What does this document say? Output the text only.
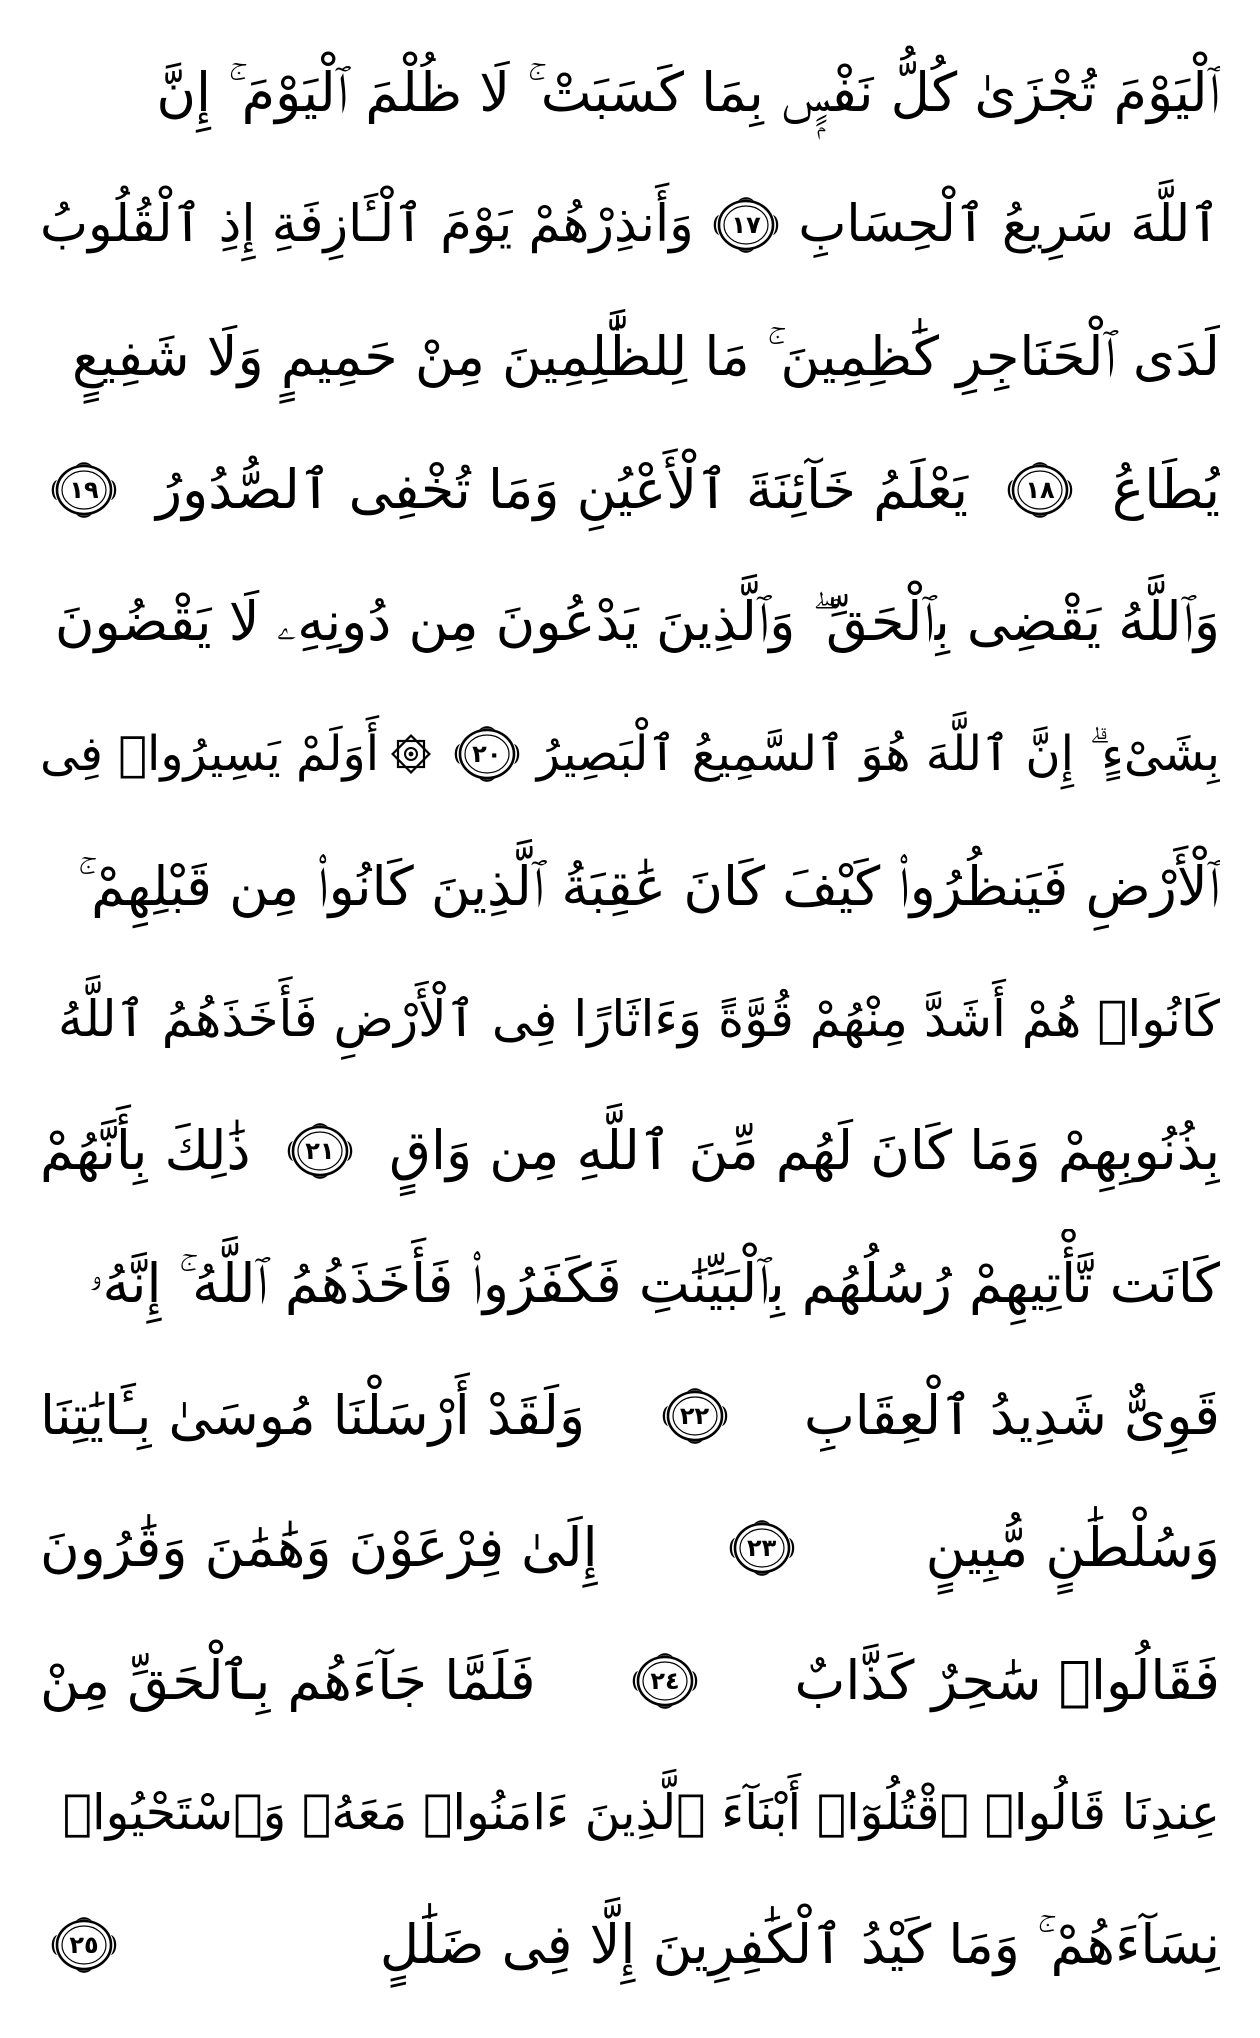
ٱلْيَوْمَ تُجْزَىٰ كُلُّ نَفْسٍۭ بِمَا كَسَبَتْ ۚ لَا ظُلْمَ ٱلْيَوْمَ ۚ إِنَّ
ٱللَّهَ سَرِيعُ ٱلْحِسَابِ
١٧
وَأَنذِرْهُمْ يَوْمَ ٱلْـَٔازِفَةِ إِذِ ٱلْقُلُوبُ
لَدَى ٱلْحَنَاجِرِ كَٰظِمِينَ ۚ مَا لِلظَّٰلِمِينَ مِنْ حَمِيمٍ وَلَا شَفِيعٍ
يُطَاعُ
١٨
يَعْلَمُ خَآئِنَةَ ٱلْأَعْيُنِ وَمَا تُخْفِى ٱلصُّدُورُ
١٩
وَٱللَّهُ يَقْضِى بِٱلْحَقِّ ۖ وَٱلَّذِينَ يَدْعُونَ مِن دُونِهِۦ لَا يَقْضُونَ
بِشَىْءٍ ۗ إِنَّ ٱللَّهَ هُوَ ٱلسَّمِيعُ ٱلْبَصِيرُ
٢٠
أَوَلَمْ يَسِيرُوا۟ فِى
ٱلْأَرْضِ فَيَنظُرُوا۟ كَيْفَ كَانَ عَٰقِبَةُ ٱلَّذِينَ كَانُوا۟ مِن قَبْلِهِمْ ۚ
كَانُوا۟ هُمْ أَشَدَّ مِنْهُمْ قُوَّةً وَءَاثَارًا فِى ٱلْأَرْضِ فَأَخَذَهُمُ ٱللَّهُ
بِذُنُوبِهِمْ وَمَا كَانَ لَهُم مِّنَ ٱللَّهِ مِن وَاقٍ
٢١
ذَٰلِكَ بِأَنَّهُمْ
كَانَت تَّأْتِيهِمْ رُسُلُهُم بِٱلْبَيِّنَٰتِ فَكَفَرُوا۟ فَأَخَذَهُمُ ٱللَّهُ ۚ إِنَّهُۥ
قَوِىٌّ شَدِيدُ ٱلْعِقَابِ
٢٢
وَلَقَدْ أَرْسَلْنَا مُوسَىٰ بِـَٔايَٰتِنَا
وَسُلْطَٰنٍ مُّبِينٍ
٢٣
إِلَىٰ فِرْعَوْنَ وَهَٰمَٰنَ وَقَٰرُونَ
فَقَالُوا۟ سَٰحِرٌ كَذَّابٌ
٢٤
فَلَمَّا جَآءَهُم بِٱلْحَقِّ مِنْ
عِندِنَا قَالُوا۟ ٱقْتُلُوٓا۟ أَبْنَآءَ ٱلَّذِينَ ءَامَنُوا۟ مَعَهُۥ وَٱسْتَحْيُوا۟
نِسَآءَهُمْ ۚ وَمَا كَيْدُ ٱلْكَٰفِرِينَ إِلَّا فِى ضَلَٰلٍ
٢٥
